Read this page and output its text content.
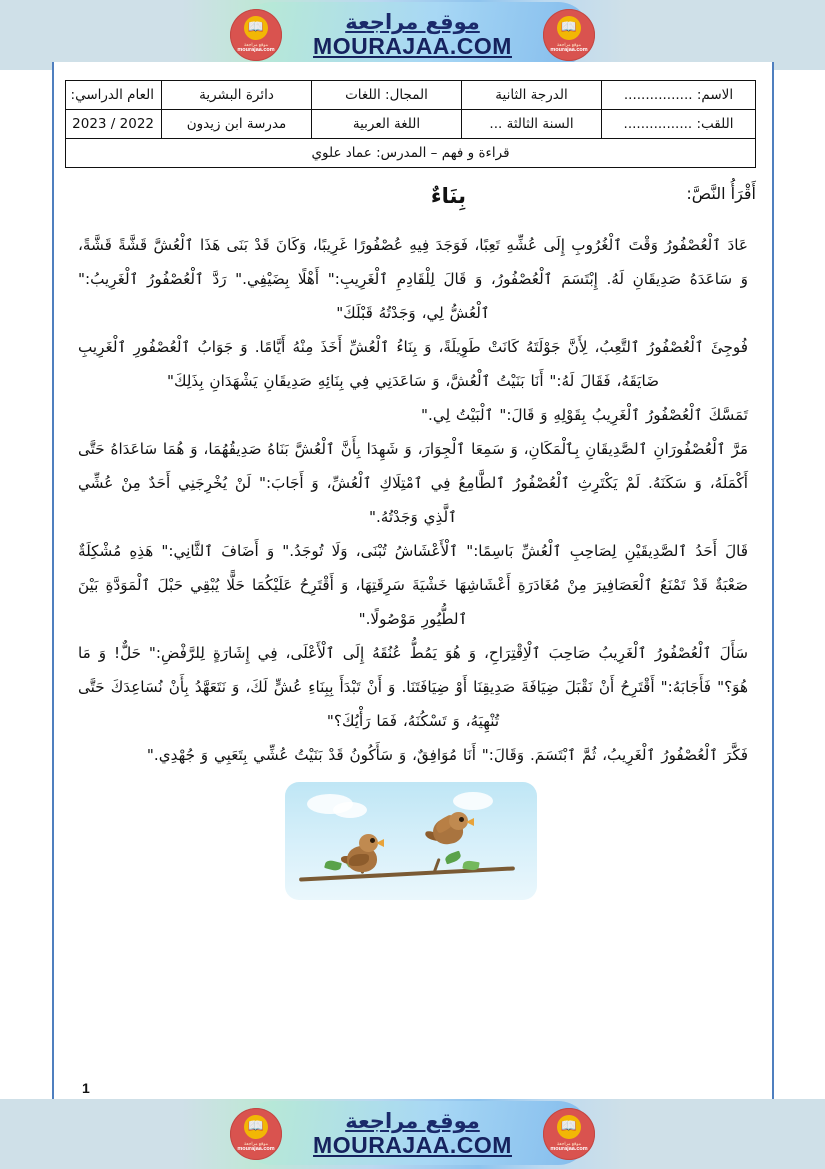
📖
موقع مراجعة
mourajaa.com
موقع مراجعة
MOURAJAA.COM
📖
موقع مراجعة
mourajaa.com
الاسم: ................	الدرجة الثانية	المجال: اللغات	دائرة البشرية	العام الدراسي:
اللقب: ................	السنة الثالثة ...	اللغة العربية	مدرسة ابن زيدون	2022 / 2023
قراءة و فهم – المدرس: عماد علوي				
أَقْرَأُ النَّصَّ:
بِنَاءٌ

عَادَ ٱلْعُصْفُورُ وَقْتَ ٱلْغُرُوبِ إِلَى عُشِّهِ تَعِبًا، فَوَجَدَ فِيهِ عُصْفُورًا غَرِيبًا، وَكَانَ قَدْ بَنَى هَذَا ٱلْعُشَّ قَشَّةً قَشَّةً، وَ سَاعَدَهُ صَدِيقَانِ لَهُ. إِبْتَسَمَ ٱلْعُصْفُورُ، وَ قَالَ لِلْقَادِمِ ٱلْغَرِيبِ:" أَهْلًا بِضَيْفِي." رَدَّ ٱلْعُصْفُورُ ٱلْغَرِيبُ:" ٱلْعُشُّ لِي، وَجَدْتُهُ قَبْلَكَ"

فُوجِئَ ٱلْعُصْفُورُ ٱلتَّعِبُ، لِأَنَّ جَوْلَتَهُ كَانَتْ طَوِيلَةً، وَ بِنَاءُ ٱلْعُشِّ أَخَذَ مِنْهُ أَيَّامًا. وَ جَوَابُ ٱلْعُصْفُورِ ٱلْغَرِيبِ ضَايَقَهُ، فَقَالَ لَهُ:" أَنَا بَنَيْتُ ٱلْعُشَّ، وَ سَاعَدَنِي فِي بِنَائِهِ صَدِيقَانِ يَشْهَدَانِ بِذَلِكَ"

تَمَسَّكَ ٱلْعُصْفُورُ ٱلْغَرِيبُ بِقَوْلِهِ وَ قَالَ:" ٱلْبَيْتُ لِي."

مَرَّ ٱلْعُصْفُورَانِ ٱلصَّدِيقَانِ بِٱلْمَكَانِ، وَ سَمِعَا ٱلْجِوَارَ، وَ شَهِدَا بِأَنَّ ٱلْعُشَّ بَنَاهُ صَدِيقُهُمَا، وَ هُمَا سَاعَدَاهُ حَتَّى أَكْمَلَهُ، وَ سَكَنَهُ. لَمْ يَكْتَرِثِ ٱلْعُصْفُورُ ٱلطَّامِعُ فِي ٱمْتِلَاكِ ٱلْعُشِّ، وَ أَجَابَ:" لَنْ يُخْرِجَنِي أَحَدٌ مِنْ عُشِّي ٱلَّذِي وَجَدْتُهُ."

قَالَ أَحَدُ ٱلصَّدِيقَيْنِ لِصَاحِبِ ٱلْعُشِّ بَاسِمًا:" ٱلْأَعْشَاشُ تُبْنَى، وَلَا تُوجَدُ." وَ أَضَافَ ٱلثَّانِي:" هَذِهِ مُشْكِلَةٌ صَعْبَةٌ قَدْ تَمْنَعُ ٱلْعَصَافِيرَ مِنْ مُغَادَرَةِ أَعْشَاشِهَا خَشْيَةَ سَرِقَتِهَا، وَ أَقْتَرِحُ عَلَيْكُمَا حَلًّا يُبْقِي حَبْلَ ٱلْمَوَدَّةِ بَيْنَ ٱلطُّيُورِ مَوْصُولًا."

سَأَلَ ٱلْعُصْفُورُ ٱلْغَرِيبُ صَاحِبَ ٱلْاِقْتِرَاحِ، وَ هُوَ يَمُطُّ عُنُقَهُ إِلَى ٱلْأَعْلَى، فِي إِشَارَةٍ لِلرَّفْضِ:" حَلٌّ! وَ مَا هُوَ؟" فَأَجَابَهُ:" أَقْتَرِحُ أَنْ نَقْبَلَ ضِيَافَةَ صَدِيقِنَا أَوْ ضِيَافَتَنَا. وَ أَنْ تَبْدَأَ بِبِنَاءِ عُشٍّ لَكَ، وَ نَتَعَهَّدُ بِأَنْ نُسَاعِدَكَ حَتَّى تُنْهِيَهُ، وَ تَسْكُنَهُ، فَمَا رَأْيُكَ؟"

فَكَّرَ ٱلْعُصْفُورُ ٱلْغَرِيبُ، ثُمَّ ٱبْتَسَمَ. وَقَالَ:" أَنَا مُوَافِقٌ، وَ سَأَكُونُ قَدْ بَنَيْتُ عُشِّي بِتَعَبِي وَ جُهْدِي."

1
📖
موقع مراجعة
mourajaa.com
موقع مراجعة
MOURAJAA.COM
📖
موقع مراجعة
mourajaa.com
